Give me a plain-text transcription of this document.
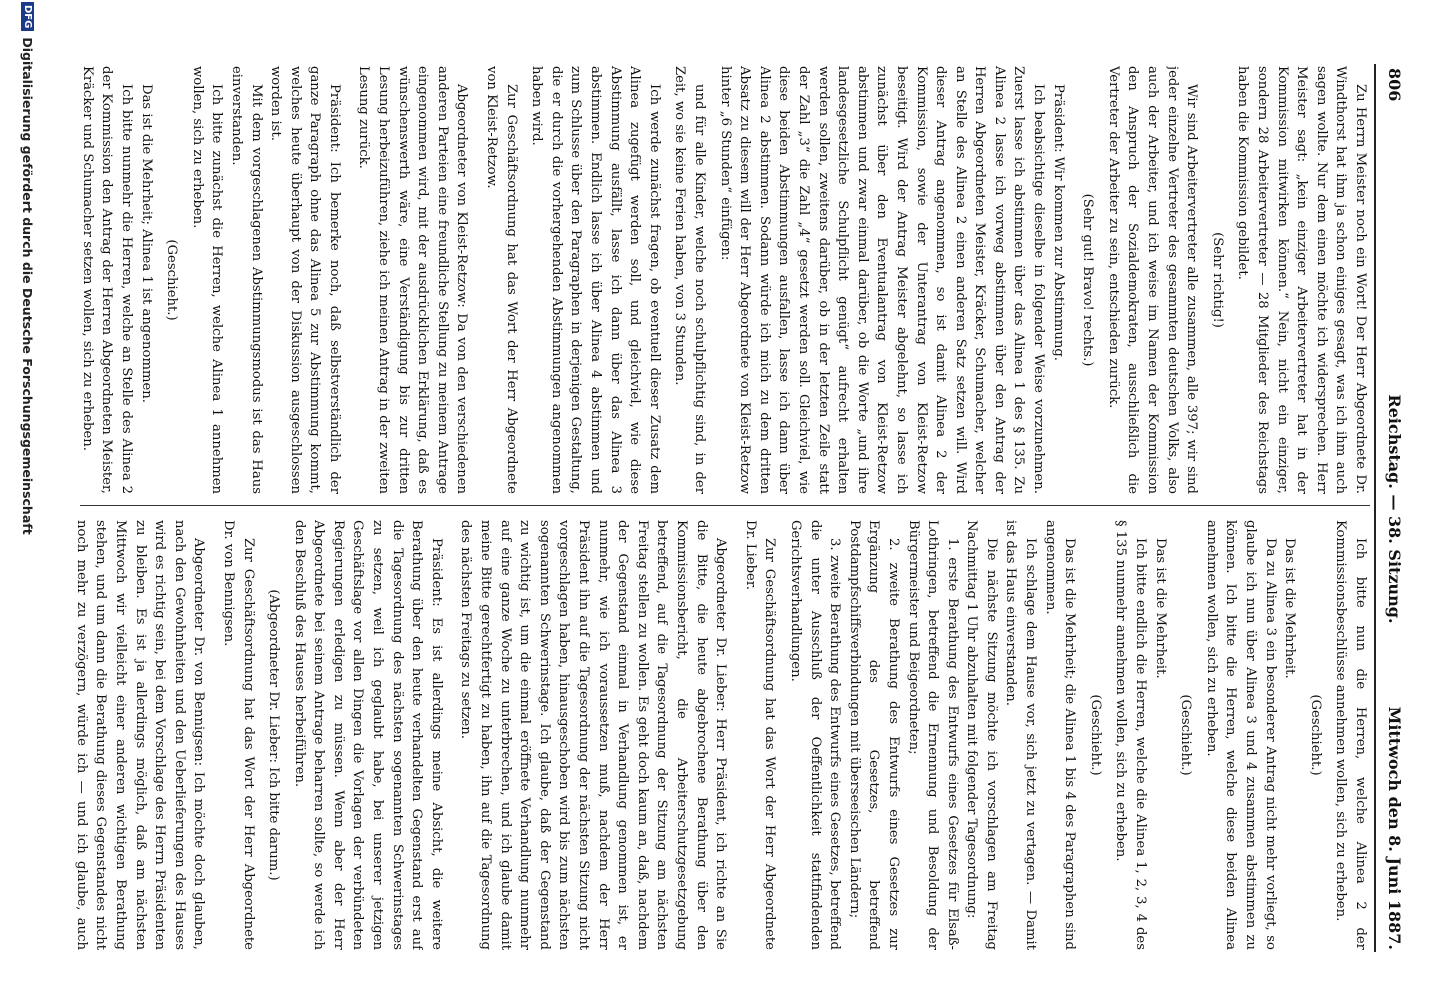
806
Reichstag. — 38. Sitzung.
Mittwoch den 8. Juni 1887.

Zu Herrn Meister noch ein Wort! Der Herr Abgeordnete Dr. Windthorst hat ihm ja schon einiges gesagt, was ich ihm auch sagen wollte. Nur dem einen möchte ich widersprechen. Herr Meister sagt: „kein einziger Arbeitervertreter hat in der Kommission mitwirken können.“ Nein, nicht ein einziger, sondern 28 Arbeitervertreter — 28 Mitglieder des Reichstags haben die Kommission gebildet.

(Sehr richtig!)

Wir sind Arbeitervertreter alle zusammen, alle 397; wir sind jeder einzelne Vertreter des gesammten deutschen Volks, also auch der Arbeiter, und ich weise im Namen der Kommission den Anspruch der Sozialdemokraten, ausschließlich die Vertreter der Arbeiter zu sein, entschieden zurück.

(Sehr gut! Bravo! rechts.)

Präsident: Wir kommen zur Abstimmung.

Ich beabsichtige dieselbe in folgender Weise vorzunehmen. Zuerst lasse ich abstimmen über das Alinea 1 des § 135. Zu Alinea 2 lasse ich vorweg abstimmen über den Antrag der Herren Abgeordneten Meister, Kräcker, Schumacher, welcher an Stelle des Alinea 2 einen anderen Satz setzen will. Wird dieser Antrag angenommen, so ist damit Alinea 2 der Kommission, sowie der Unterantrag von Kleist-Retzow beseitigt. Wird der Antrag Meister abgelehnt, so lasse ich zunächst über den Eventualantrag von Kleist-Retzow abstimmen und zwar einmal darüber, ob die Worte „und ihre landesgesetzliche Schulpflicht genügt“ aufrecht erhalten werden sollen, zweitens darüber, ob in der letzten Zeile statt der Zahl „3“ die Zahl „4“ gesetzt werden soll. Gleichviel, wie diese beiden Abstimmungen ausfallen, lasse ich dann über Alinea 2 abstimmen. Sodann würde ich mich zu dem dritten Absatz zu diesem will der Herr Abgeordnete von Kleist-Retzow hinter „6 Stunden“ einfügen:

und für alle Kinder, welche noch schulpflichtig sind, in der Zeit, wo sie keine Ferien haben, von 3 Stunden.

Ich werde zunächst fragen, ob eventuell dieser Zusatz dem Alinea zugefügt werden soll, und gleichviel, wie diese Abstimmung ausfällt, lasse ich dann über das Alinea 3 abstimmen. Endlich lasse ich über Alinea 4 abstimmen und zum Schlusse über den Paragraphen in derjenigen Gestaltung, die er durch die vorhergehenden Abstimmungen angenommen haben wird.

Zur Geschäftsordnung hat das Wort der Herr Abgeordnete von Kleist-Retzow.

Abgeordneter von Kleist-Retzow: Da von den verschiedenen anderen Parteien eine freundliche Stellung zu meinem Antrage eingenommen wird, mit der ausdrücklichen Erklärung, daß es wünschenswerth wäre, eine Verständigung bis zur dritten Lesung herbeizuführen, ziehe ich meinen Antrag in der zweiten Lesung zurück.

Präsident: Ich bemerke noch, daß selbstverständlich der ganze Paragraph ohne das Alinea 5 zur Abstimmung kommt, welches heute überhaupt von der Diskussion ausgeschlossen worden ist.

Mit dem vorgeschlagenen Abstimmungsmodus ist das Haus einverstanden.

Ich bitte zunächst die Herren, welche Alinea 1 annehmen wollen, sich zu erheben.

(Geschieht.)

Das ist die Mehrheit; Alinea 1 ist angenommen.

Ich bitte nunmehr die Herren, welche an Stelle des Alinea 2 der Kommission den Antrag der Herren Abgeordneten Meister, Kräcker und Schumacher setzen wollen, sich zu erheben.

Ich bitte nun die Herren, welche Alinea 2 der Kommissionsbeschlüsse annehmen wollen, sich zu erheben.

(Geschieht.)

Das ist die Mehrheit.

Da zu Alinea 3 ein besonderer Antrag nicht mehr vorliegt, so glaube ich nun über Alinea 3 und 4 zusammen abstimmen zu können. Ich bitte die Herren, welche diese beiden Alinea annehmen wollen, sich zu erheben.

(Geschieht.)

Das ist die Mehrheit.

Ich bitte endlich die Herren, welche die Alinea 1, 2, 3, 4 des § 135 nunmehr annehmen wollen, sich zu erheben.

(Geschieht.)

Das ist die Mehrheit; die Alinea 1 bis 4 des Paragraphen sind angenommen.

Ich schlage dem Hause vor, sich jetzt zu vertagen. — Damit ist das Haus einverstanden.

Die nächste Sitzung möchte ich vorschlagen am Freitag Nachmittag 1 Uhr abzuhalten mit folgender Tagesordnung:

1. erste Berathung des Entwurfs eines Gesetzes für Elsaß-Lothringen, betreffend die Ernennung und Besoldung der Bürgermeister und Beigeordneten;

2. zweite Berathung des Entwurfs eines Gesetzes zur Ergänzung des Gesetzes, betreffend Postdampfschiffsverbindungen mit überseeischen Ländern;

3. zweite Berathung des Entwurfs eines Gesetzes, betreffend die unter Ausschluß der Oeffentlichkeit stattfindenden Gerichtsverhandlungen.

Zur Geschäftsordnung hat das Wort der Herr Abgeordnete Dr. Lieber.

Abgeordneter Dr. Lieber: Herr Präsident, ich richte an Sie die Bitte, die heute abgebrochene Berathung über den Kommissionsbericht, die Arbeiterschutzgesetzgebung betreffend, auf die Tagesordnung der Sitzung am nächsten Freitag stellen zu wollen. Es geht doch kaum an, daß, nachdem der Gegenstand einmal in Verhandlung genommen ist, er nunmehr, wie ich voraussetzen muß, nachdem der Herr Präsident ihn auf die Tagesordnung der nächsten Sitzung nicht vorgeschlagen haben, hinausgeschoben wird bis zum nächsten sogenannten Schwerinstage. Ich glaube, daß der Gegenstand zu wichtig ist, um die einmal eröffnete Verhandlung nunmehr auf eine ganze Woche zu unterbrechen, und ich glaube damit meine Bitte gerechtfertigt zu haben, ihn auf die Tagesordnung des nächsten Freitags zu setzen.

Präsident: Es ist allerdings meine Absicht, die weitere Berathung über den heute verhandelten Gegenstand erst auf die Tagesordnung des nächsten sogenannten Schwerinstages zu setzen, weil ich geglaubt habe, bei unserer jetzigen Geschäftslage vor allen Dingen die Vorlagen der verbündeten Regierungen erledigen zu müssen. Wenn aber der Herr Abgeordnete bei seinem Antrage beharren sollte, so werde ich den Beschluß des Hauses herbeiführen.

(Abgeordneter Dr. Lieber: Ich bitte darum.)

Zur Geschäftsordnung hat das Wort der Herr Abgeordnete Dr. von Bennigsen.

Abgeordneter Dr. von Bennigsen: Ich möchte doch glauben, nach den Gewohnheiten und den Ueberlieferungen des Hauses wird es richtig sein, bei dem Vorschlage des Herrn Präsidenten zu bleiben. Es ist ja allerdings möglich, daß am nächsten Mittwoch wir vielleicht einer anderen wichtigen Berathung stehen, und um dann die Berathung dieses Gegenstandes nicht noch mehr zu verzögern, würde ich — und ich glaube, auch

DFG
Digitalisierung gefördert durch die Deutsche Forschungsgemeinschaft
